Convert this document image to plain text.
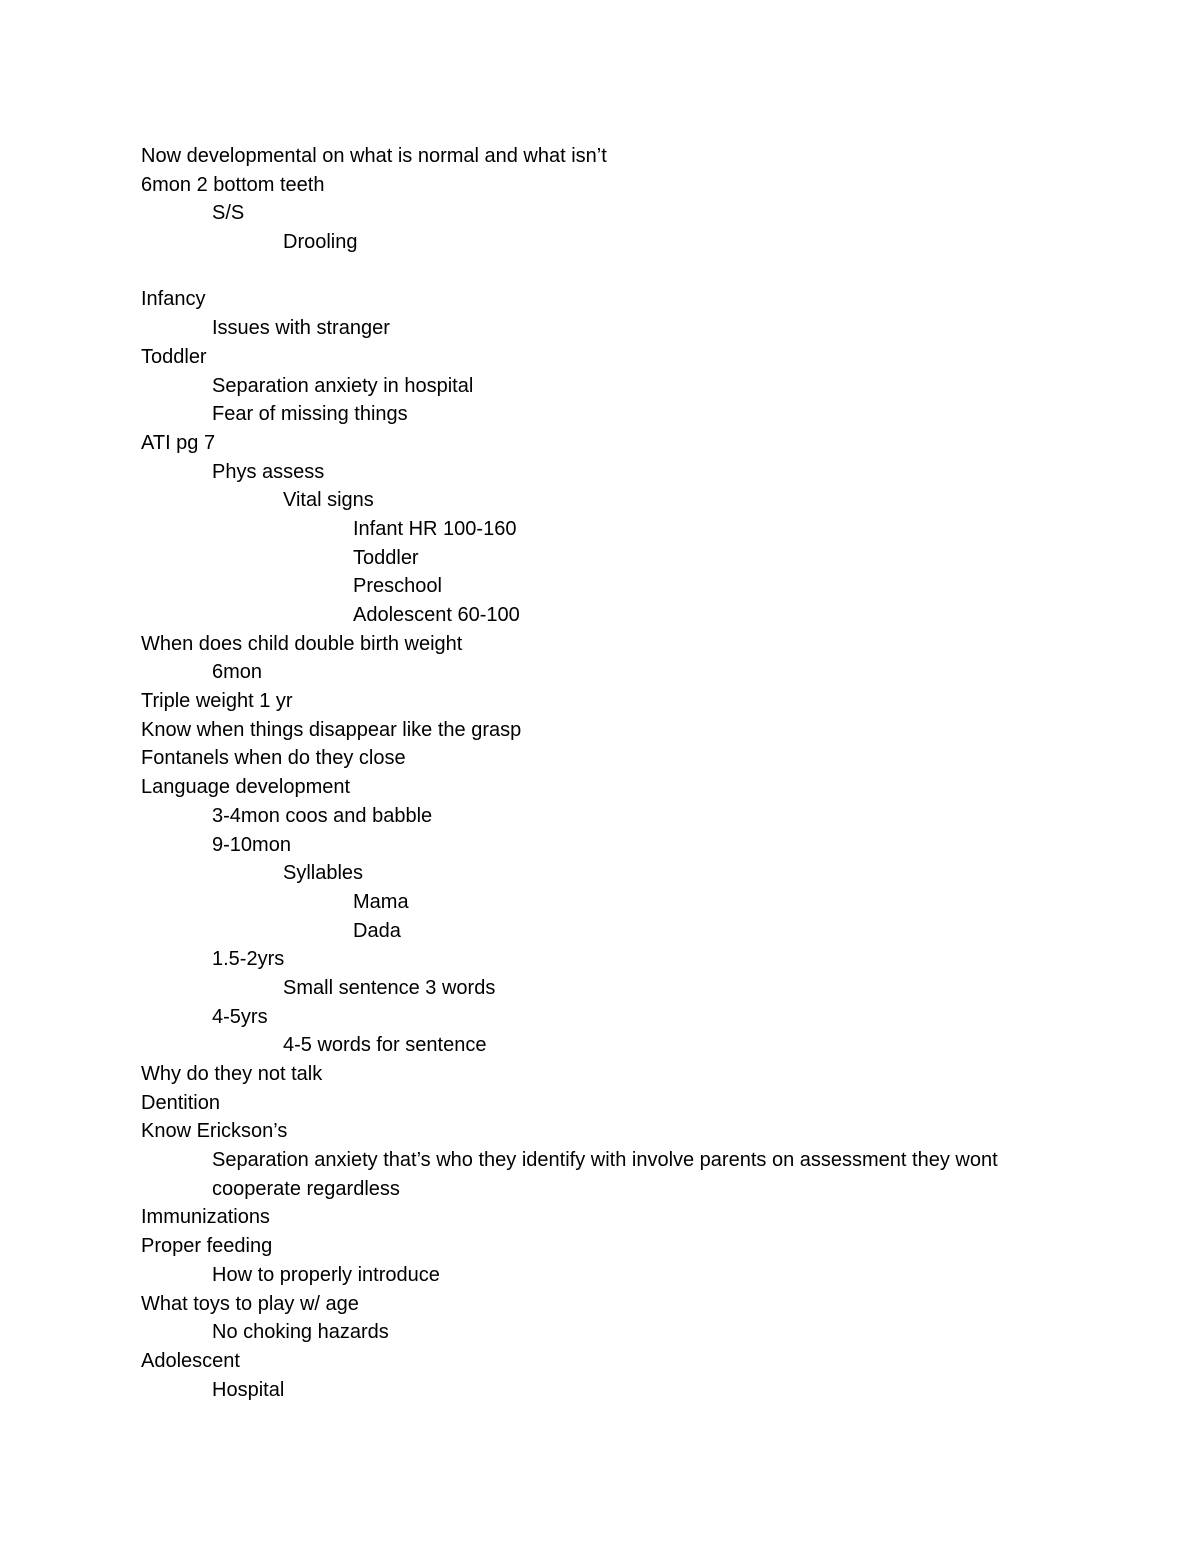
Now developmental on what is normal and what isn’t
6mon 2 bottom teeth
S/S
Drooling
Infancy
Issues with stranger
Toddler
Separation anxiety in hospital
Fear of missing things
ATI pg 7
Phys assess
Vital signs
Infant HR 100-160
Toddler
Preschool
Adolescent 60-100
When does child double birth weight
6mon
Triple weight 1 yr
Know when things disappear like the grasp
Fontanels when do they close
Language development
3-4mon coos and babble
9-10mon
Syllables
Mama
Dada
1.5-2yrs
Small sentence 3 words
4-5yrs
4-5 words for sentence
Why do they not talk
Dentition
Know Erickson’s
Separation anxiety that’s who they identify with involve parents on assessment they wont cooperate regardless
Immunizations
Proper feeding
How to properly introduce
What toys to play w/ age
No choking hazards
Adolescent
Hospital
